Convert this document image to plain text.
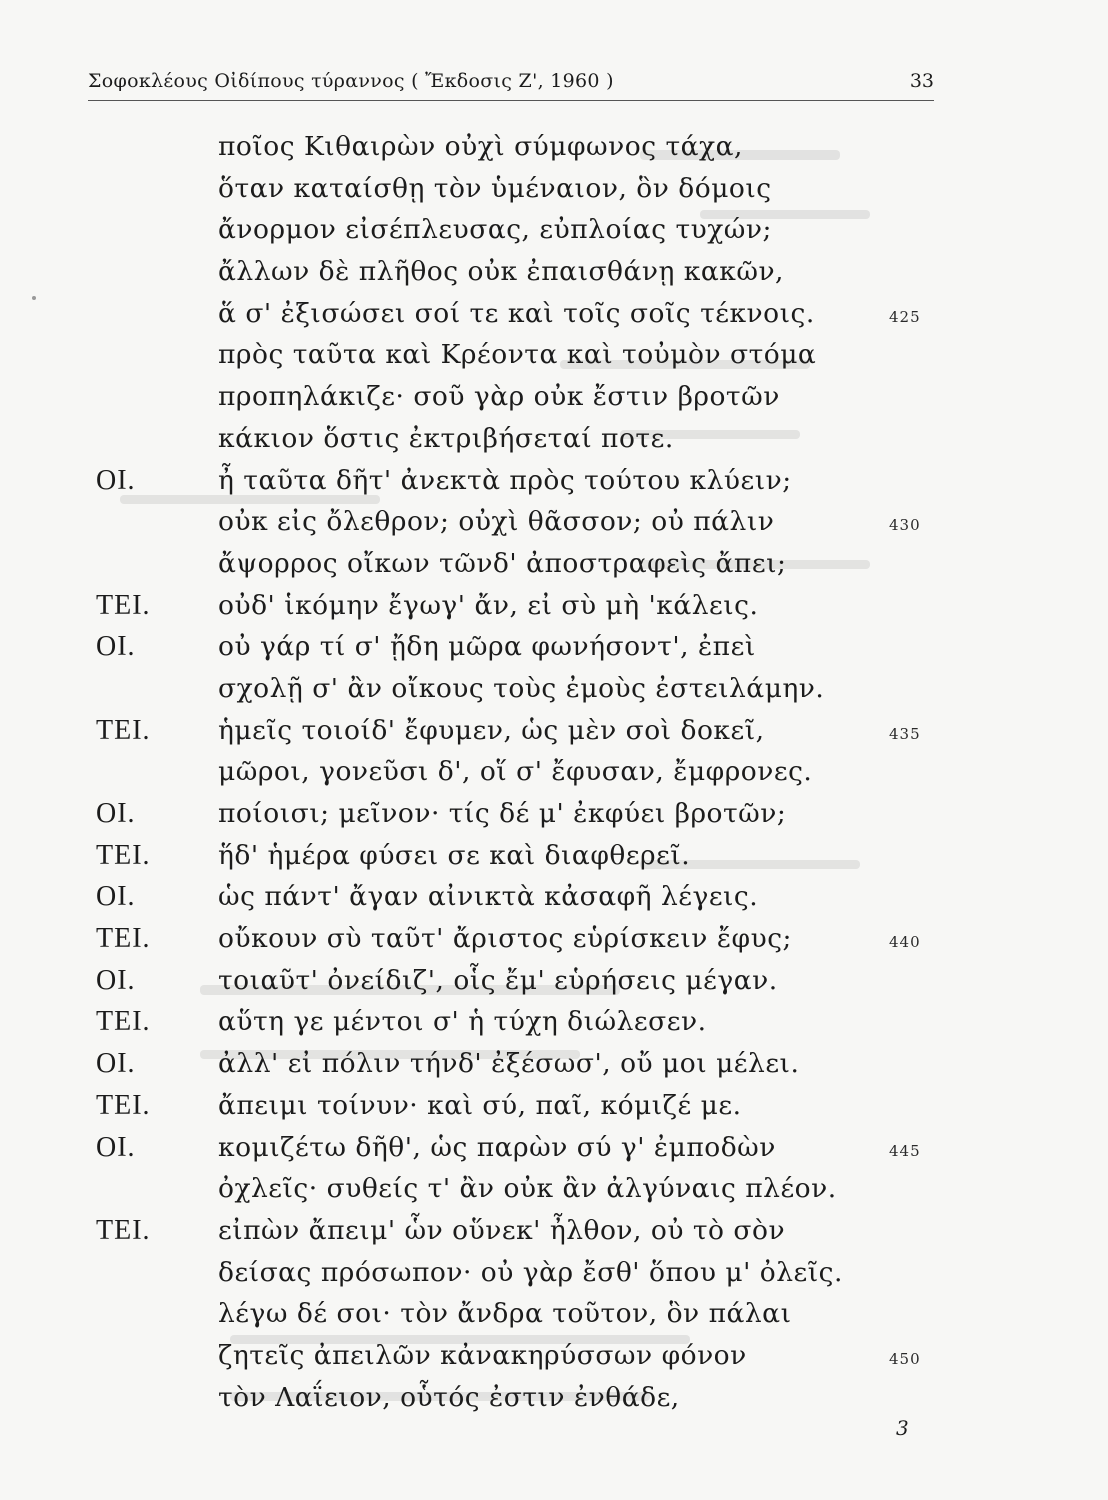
Σοφοκλέους Οἰδίπους τύραννος ( Ἔκδοσις Ζ', 1960 )	33
ποῖος Κιθαιρὼν οὐχὶ σύμφωνος τάχα,
ὅταν καταίσθῃ τὸν ὑμέναιον, ὃν δόμοις
ἄνορμον εἰσέπλευσας, εὐπλοίας τυχών;
ἄλλων δὲ πλῆθος οὐκ ἐπαισθάνῃ κακῶν,
ἅ σ' ἐξισώσει σοί τε καὶ τοῖς σοῖς τέκνοις.	425
πρὸς ταῦτα καὶ Κρέοντα καὶ τοὐμὸν στόμα
προπηλάκιζε· σοῦ γὰρ οὐκ ἔστιν βροτῶν
κάκιον ὅστις ἐκτριβήσεταί ποτε.
ΟΙ.	ἦ ταῦτα δῆτ' ἀνεκτὰ πρὸς τούτου κλύειν;
οὐκ εἰς ὄλεθρον; οὐχὶ θᾶσσον; οὐ πάλιν	430
ἄψορρος οἴκων τῶνδ' ἀποστραφεὶς ἄπει;
ΤΕΙ.	οὐδ' ἱκόμην ἔγωγ' ἄν, εἰ σὺ μὴ 'κάλεις.
ΟΙ.	οὐ γάρ τί σ' ᾔδη μῶρα φωνήσοντ', ἐπεὶ
σχολῇ σ' ἂν οἴκους τοὺς ἐμοὺς ἐστειλάμην.
ΤΕΙ.	ἡμεῖς τοιοίδ' ἔφυμεν, ὡς μὲν σοὶ δοκεῖ,	435
μῶροι, γονεῦσι δ', οἵ σ' ἔφυσαν, ἔμφρονες.
ΟΙ.	ποίοισι; μεῖνον· τίς δέ μ' ἐκφύει βροτῶν;
ΤΕΙ.	ἥδ' ἡμέρα φύσει σε καὶ διαφθερεῖ.
ΟΙ.	ὡς πάντ' ἄγαν αἰνικτὰ κἀσαφῆ λέγεις.
ΤΕΙ.	οὔκουν σὺ ταῦτ' ἄριστος εὑρίσκειν ἔφυς;	440
ΟΙ.	τοιαῦτ' ὀνείδιζ', οἷς ἔμ' εὑρήσεις μέγαν.
ΤΕΙ.	αὕτη γε μέντοι σ' ἡ τύχη διώλεσεν.
ΟΙ.	ἀλλ' εἰ πόλιν τήνδ' ἐξέσωσ', οὔ μοι μέλει.
ΤΕΙ.	ἄπειμι τοίνυν· καὶ σύ, παῖ, κόμιζέ με.
ΟΙ.	κομιζέτω δῆθ', ὡς παρὼν σύ γ' ἐμποδὼν	445
ὀχλεῖς· συθείς τ' ἂν οὐκ ἂν ἀλγύναις πλέον.
ΤΕΙ.	εἰπὼν ἄπειμ' ὧν οὕνεκ' ἦλθον, οὐ τὸ σὸν
δείσας πρόσωπον· οὐ γὰρ ἔσθ' ὅπου μ' ὀλεῖς.
λέγω δέ σοι· τὸν ἄνδρα τοῦτον, ὃν πάλαι
ζητεῖς ἀπειλῶν κἀνακηρύσσων φόνον	450
τὸν Λαΐειον, οὗτός ἐστιν ἐνθάδε,
3
